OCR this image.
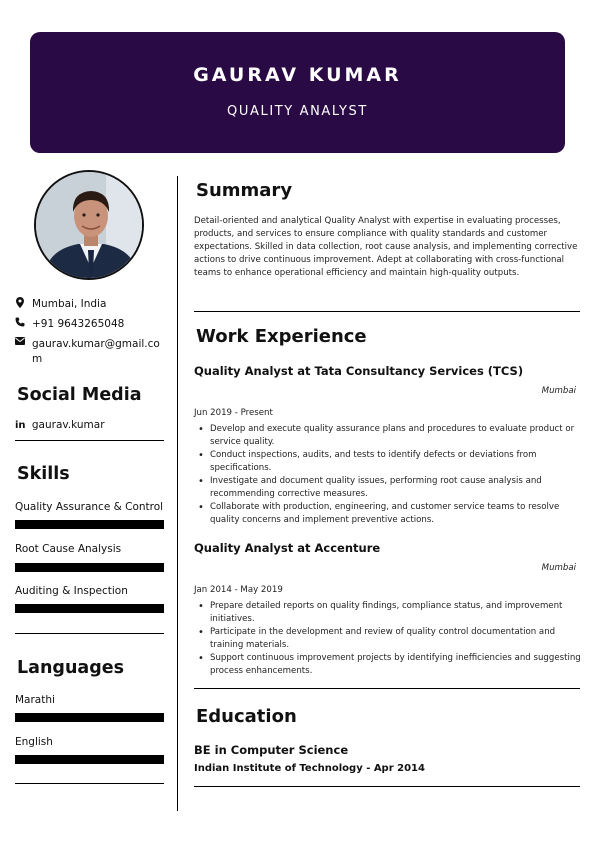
GAURAV KUMAR
QUALITY ANALYST
Mumbai, India
+91 9643265048
gaurav.kumar@gmail.com
Social Media
in gaurav.kumar
Skills
Quality Assurance & Control
Root Cause Analysis
Auditing & Inspection
Languages
Marathi
English
Summary
Detail-oriented and analytical Quality Analyst with expertise in evaluating processes, products, and services to ensure compliance with quality standards and customer expectations. Skilled in data collection, root cause analysis, and implementing corrective actions to drive continuous improvement. Adept at collaborating with cross-functional teams to enhance operational efficiency and maintain high-quality outputs.
Work Experience
Quality Analyst at Tata Consultancy Services (TCS)
Mumbai
Jun 2019 - Present
• Develop and execute quality assurance plans and procedures to evaluate product or service quality.
• Conduct inspections, audits, and tests to identify defects or deviations from specifications.
• Investigate and document quality issues, performing root cause analysis and recommending corrective measures.
• Collaborate with production, engineering, and customer service teams to resolve quality concerns and implement preventive actions.
Quality Analyst at Accenture
Mumbai
Jan 2014 - May 2019
• Prepare detailed reports on quality findings, compliance status, and improvement initiatives.
• Participate in the development and review of quality control documentation and training materials.
• Support continuous improvement projects by identifying inefficiencies and suggesting process enhancements.
Education
BE in Computer Science
Indian Institute of Technology - Apr 2014
